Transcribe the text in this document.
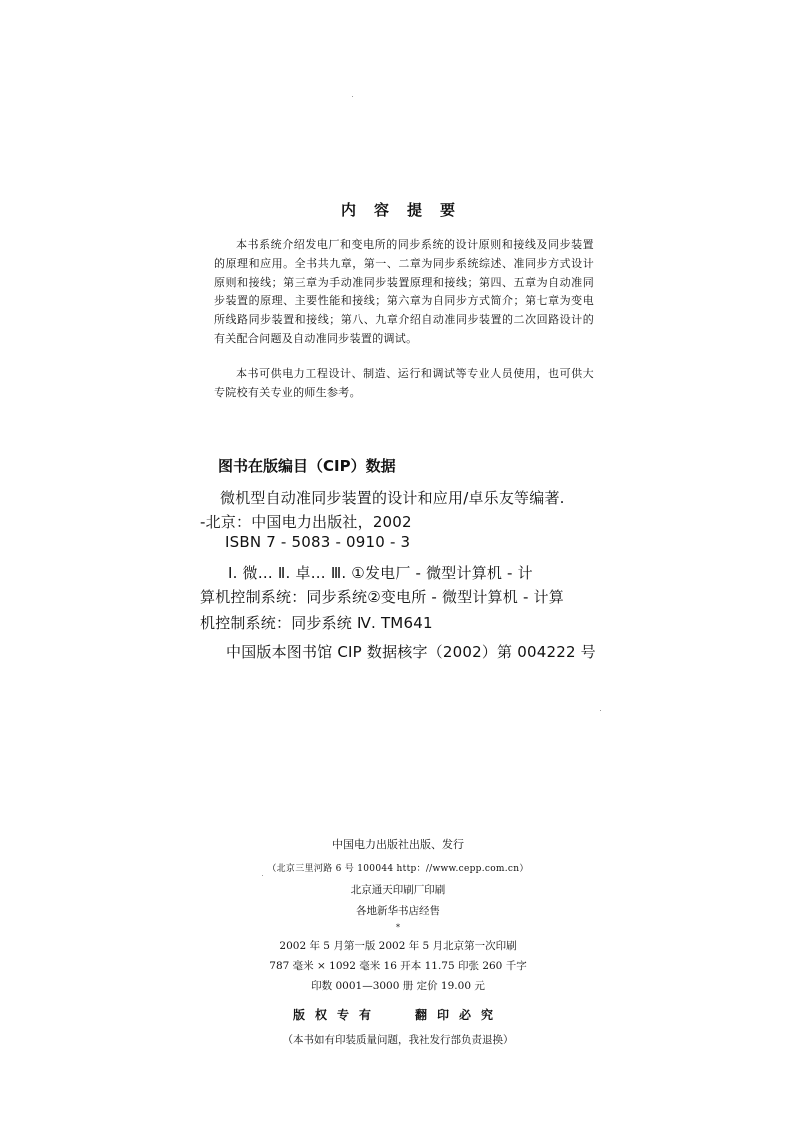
内容提要
本书系统介绍发电厂和变电所的同步系统的设计原则和接线及同步装置的原理和应用。全书共九章，第一、二章为同步系统综述、准同步方式设计原则和接线；第三章为手动准同步装置原理和接线；第四、五章为自动准同步装置的原理、主要性能和接线；第六章为自同步方式简介；第七章为变电所线路同步装置和接线；第八、九章介绍自动准同步装置的二次回路设计的有关配合问题及自动准同步装置的调试。
本书可供电力工程设计、制造、运行和调试等专业人员使用，也可供大专院校有关专业的师生参考。
图书在版编目（CIP）数据
微机型自动准同步装置的设计和应用/卓乐友等编著.
-北京：中国电力出版社，2002
ISBN 7 - 5083 - 0910 - 3
Ⅰ. 微… Ⅱ. 卓… Ⅲ. ①发电厂 - 微型计算机 - 计
算机控制系统：同步系统②变电所 - 微型计算机 - 计算
机控制系统：同步系统 Ⅳ. TM641
中国版本图书馆 CIP 数据核字（2002）第 004222 号
中国电力出版社出版、发行
（北京三里河路 6 号 100044 http：//www.cepp.com.cn）
北京通天印刷厂印刷
各地新华书店经售
*
2002 年 5 月第一版 2002 年 5 月北京第一次印刷
787 毫米 × 1092 毫米 16 开本 11.75 印张 260 千字
印数 0001—3000 册 定价 19.00 元
版权专有	翻印必究
（本书如有印装质量问题，我社发行部负责退换）
